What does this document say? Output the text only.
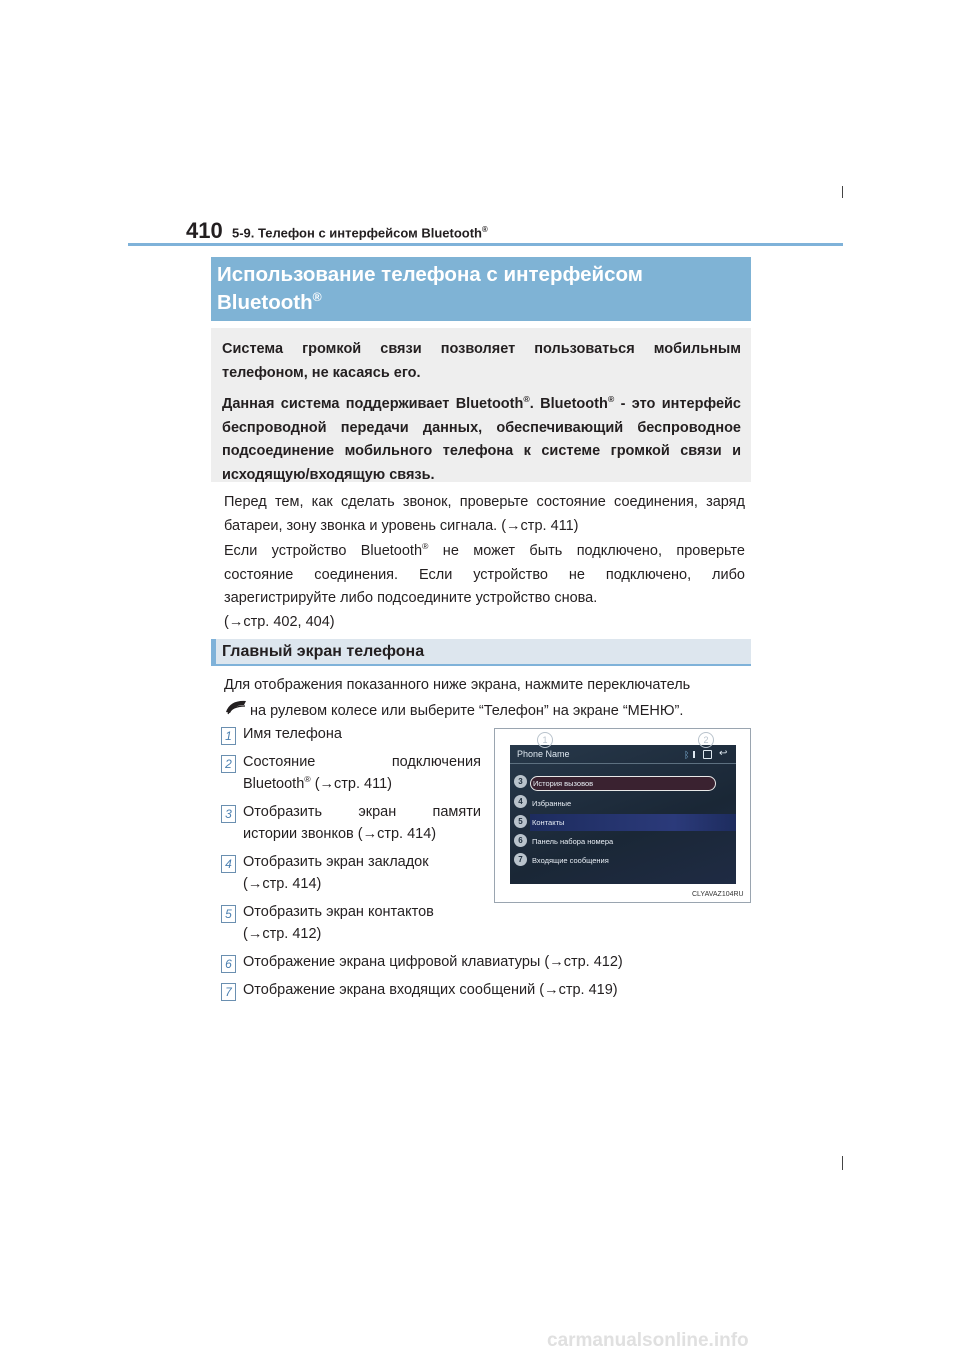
410 5-9. Телефон с интерфейсом Bluetooth®
Использование телефона с интерфейсом
Bluetooth®

Система громкой связи позволяет пользоваться мобильным телефоном, не касаясь его.

Данная система поддерживает Bluetooth®. Bluetooth® - это интерфейс беспроводной передачи данных, обеспечивающий беспроводное подсоединение мобильного телефона к системе громкой связи и исходящую/входящую связь.

Перед тем, как сделать звонок, проверьте состояние соединения, заряд батареи, зону звонка и уровень сигнала. (→стр. 411)

Если устройство Bluetooth® не может быть подключено, проверьте состояние соединения. Если устройство не подключено, либо зарегистрируйте либо подсоедините устройство снова.

(→стр. 402, 404)

Главный экран телефона

Для отображения показанного ниже экрана, нажмите переключатель

на рулевом колесе или выберите “Телефон” на экране “МЕНЮ”.

1 Имя телефона
2 Состояние подключения
Bluetooth® (→стр. 411)
3 Отобразить экран памяти
истории звонков (→стр. 414)
4 Отобразить экран закладок
(→стр. 414)
5 Отобразить экран контактов
(→стр. 412)
6 Отображение экрана цифровой клавиатуры (→стр. 412)
7 Отображение экрана входящих сообщений (→стр. 419)
Phone Name	ᛒ	↩
История вызовов
3
Избранные
4
Контакты
5
Панель набора номера
6
Входящие сообщения
7
1	2
CLYAVAZ104RU
carmanualsonline.info
